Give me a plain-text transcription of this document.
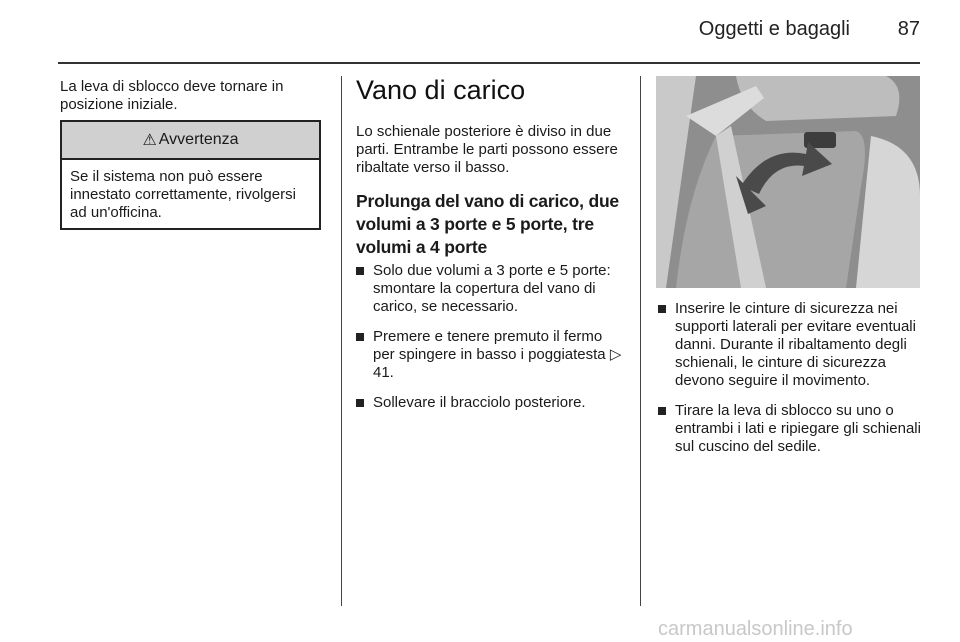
Oggetti e bagagli	87
La leva di sblocco deve tornare in posizione iniziale.
⚠ Avvertenza
Se il sistema non può essere innestato correttamente, rivolgersi ad un'officina.
Vano di carico
Lo schienale posteriore è diviso in due parti. Entrambe le parti possono essere ribaltate verso il basso.
Prolunga del vano di carico, due volumi a 3 porte e 5 porte, tre volumi a 4 porte
Solo due volumi a 3 porte e 5 porte: smontare la copertura del vano di carico, se necessario.
Premere e tenere premuto il fermo per spingere in basso i poggiatesta ▷ 41.
Sollevare il bracciolo posteriore.
Inserire le cinture di sicurezza nei supporti laterali per evitare eventuali danni. Durante il ribaltamento degli schienali, le cinture di sicurezza devono seguire il movimento.
Tirare la leva di sblocco su uno o entrambi i lati e ripiegare gli schienali sul cuscino del sedile.
carmanualsonline.info
